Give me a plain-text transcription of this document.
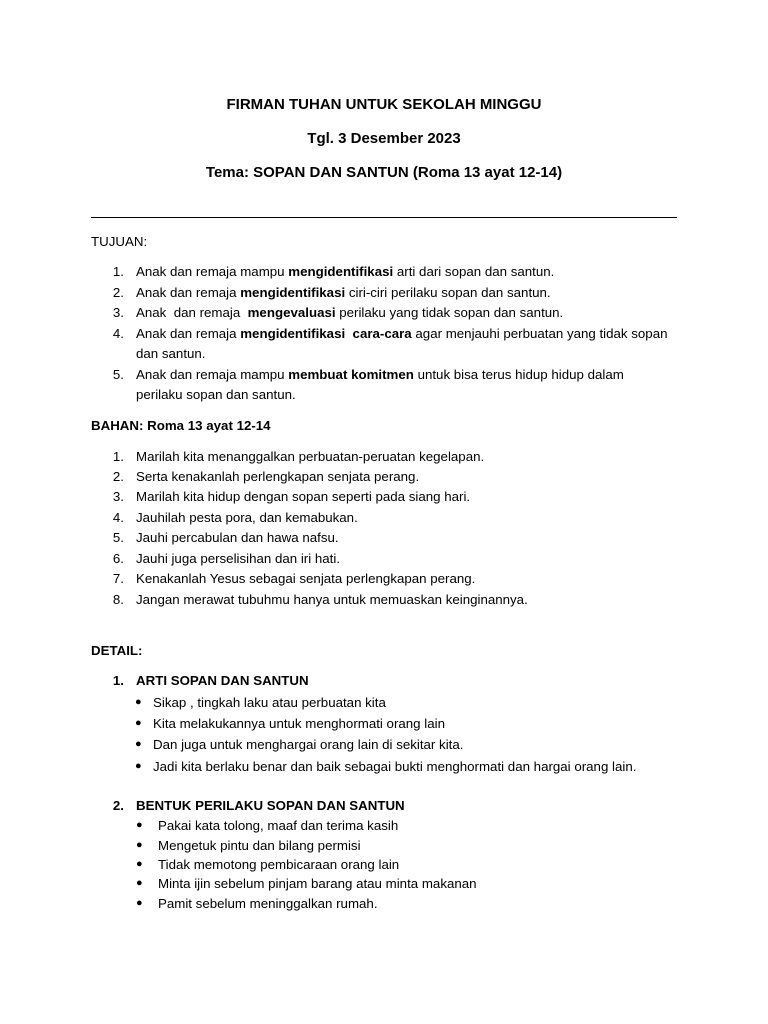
FIRMAN TUHAN UNTUK SEKOLAH MINGGU
Tgl. 3 Desember 2023
Tema: SOPAN DAN SANTUN (Roma 13 ayat 12-14)
TUJUAN:
1. Anak dan remaja mampu mengidentifikasi arti dari sopan dan santun.
2. Anak dan remaja mengidentifikasi ciri-ciri perilaku sopan dan santun.
3. Anak  dan remaja  mengevaluasi perilaku yang tidak sopan dan santun.
4. Anak dan remaja mengidentifikasi  cara-cara agar menjauhi perbuatan yang tidak sopan
dan santun.
5. Anak dan remaja mampu membuat komitmen untuk bisa terus hidup hidup dalam
perilaku sopan dan santun.
BAHAN: Roma 13 ayat 12-14
1. Marilah kita menanggalkan perbuatan-peruatan kegelapan.
2. Serta kenakanlah perlengkapan senjata perang.
3. Marilah kita hidup dengan sopan seperti pada siang hari.
4. Jauhilah pesta pora, dan kemabukan.
5. Jauhi percabulan dan hawa nafsu.
6. Jauhi juga perselisihan dan iri hati.
7. Kenakanlah Yesus sebagai senjata perlengkapan perang.
8. Jangan merawat tubuhmu hanya untuk memuaskan keinginannya.
DETAIL:
1. ARTI SOPAN DAN SANTUN
● Sikap , tingkah laku atau perbuatan kita
● Kita melakukannya untuk menghormati orang lain
● Dan juga untuk menghargai orang lain di sekitar kita.
● Jadi kita berlaku benar dan baik sebagai bukti menghormati dan hargai orang lain.
2. BENTUK PERILAKU SOPAN DAN SANTUN
● Pakai kata tolong, maaf dan terima kasih
● Mengetuk pintu dan bilang permisi
● Tidak memotong pembicaraan orang lain
● Minta ijin sebelum pinjam barang atau minta makanan
● Pamit sebelum meninggalkan rumah.
